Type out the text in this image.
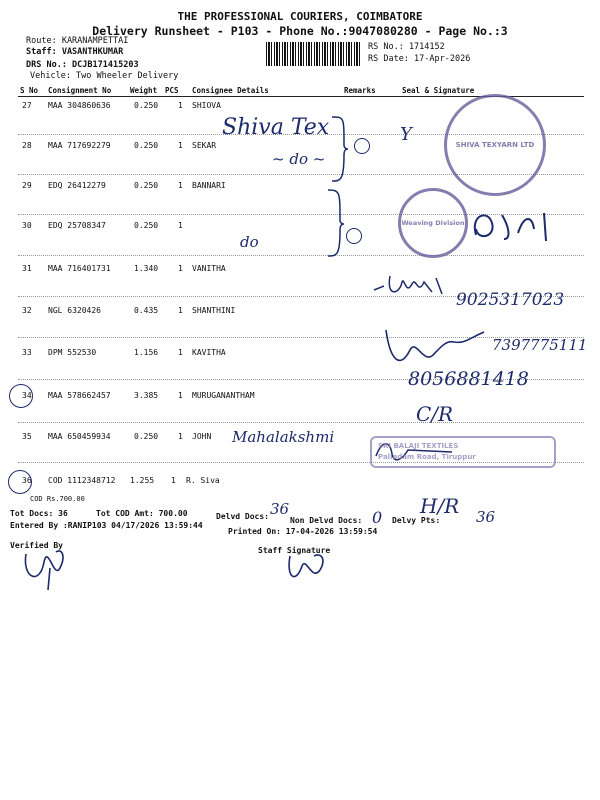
THE PROFESSIONAL COURIERS, COIMBATORE
Delivery Runsheet - P103 - Phone No.:9047080280 - Page No.:3
Route: KARANAMPETTAI
Staff: VASANTHKUMAR
DRS No.: DCJB171415203
Vehicle: Two Wheeler Delivery
RS No.: 1714152
RS Date: 17-Apr-2026
S No Consignment No	Weight PCS Consignee Details	Remarks	Seal & Signature
27 MAA 304860636	0.250 1 SHIOVA
28 MAA 717692279	0.250 1 SEKAR
29 EDQ 26412279	0.250 1 BANNARI
30 EDQ 25708347	0.250 1
31 MAA 716401731	1.340 1 VANITHA
32 NGL 6320426	0.435 1 SHANTHINI
33 DPM 552530	1.156 1 KAVITHA
34 MAA 578662457	3.385 1 MURUGANANTHAM
35 MAA 650459934	0.250 1 JOHN
36 COD 1112348712 1.255 1 R. Siva
COD Rs.700.00
Shiva Tex	Y
~ do ~
do
9025317023
7397775111
8056881418
C/R
Mahalakshmi
H/R
SHIVA TEXYARN LTD
Weaving Division
SRI BALAJI TEXTILES
Palladam Road, Tiruppur
Tot Docs: 36	Tot COD Amt: 700.00	Delvd Docs: 36
Non Delvd Docs: 0 Delvy Pts: 36
Entered By :RANIP103 04/17/2026 13:59:44
Printed On: 17-04-2026 13:59:54
Verified By
Staff Signature
